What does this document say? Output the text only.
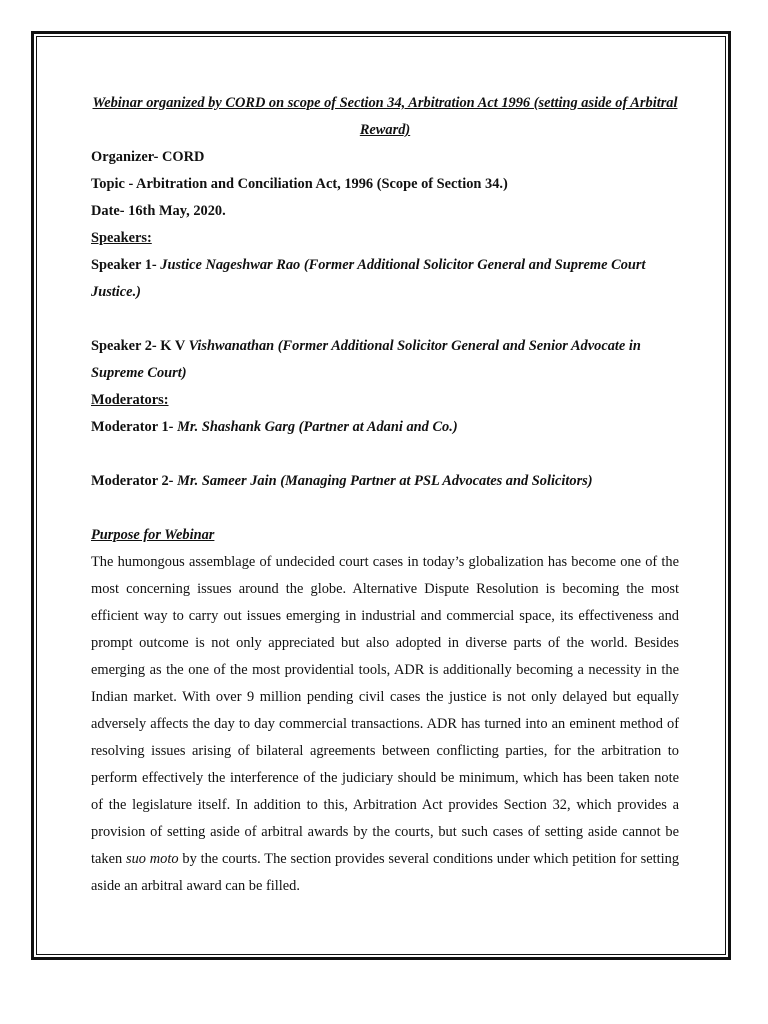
Webinar organized by CORD on scope of Section 34, Arbitration Act 1996 (setting aside of Arbitral Reward)
Organizer- CORD
Topic - Arbitration and Conciliation Act, 1996 (Scope of Section 34.)
Date- 16th May, 2020.
Speakers:
Speaker 1- Justice Nageshwar Rao (Former Additional Solicitor General and Supreme Court Justice.)
Speaker 2- K V Vishwanathan (Former Additional Solicitor General and Senior Advocate in Supreme Court)
Moderators:
Moderator 1- Mr. Shashank Garg (Partner at Adani and Co.)
Moderator 2- Mr. Sameer Jain (Managing Partner at PSL Advocates and Solicitors)
Purpose for Webinar
The humongous assemblage of undecided court cases in today’s globalization has become one of the most concerning issues around the globe. Alternative Dispute Resolution is becoming the most efficient way to carry out issues emerging in industrial and commercial space, its effectiveness and prompt outcome is not only appreciated but also adopted in diverse parts of the world. Besides emerging as the one of the most providential tools, ADR is additionally becoming a necessity in the Indian market. With over 9 million pending civil cases the justice is not only delayed but equally adversely affects the day to day commercial transactions. ADR has turned into an eminent method of resolving issues arising of bilateral agreements between conflicting parties, for the arbitration to perform effectively the interference of the judiciary should be minimum, which has been taken note of the legislature itself. In addition to this, Arbitration Act provides Section 32, which provides a provision of setting aside of arbitral awards by the courts, but such cases of setting aside cannot be taken suo moto by the courts. The section provides several conditions under which petition for setting aside an arbitral award can be filled.
